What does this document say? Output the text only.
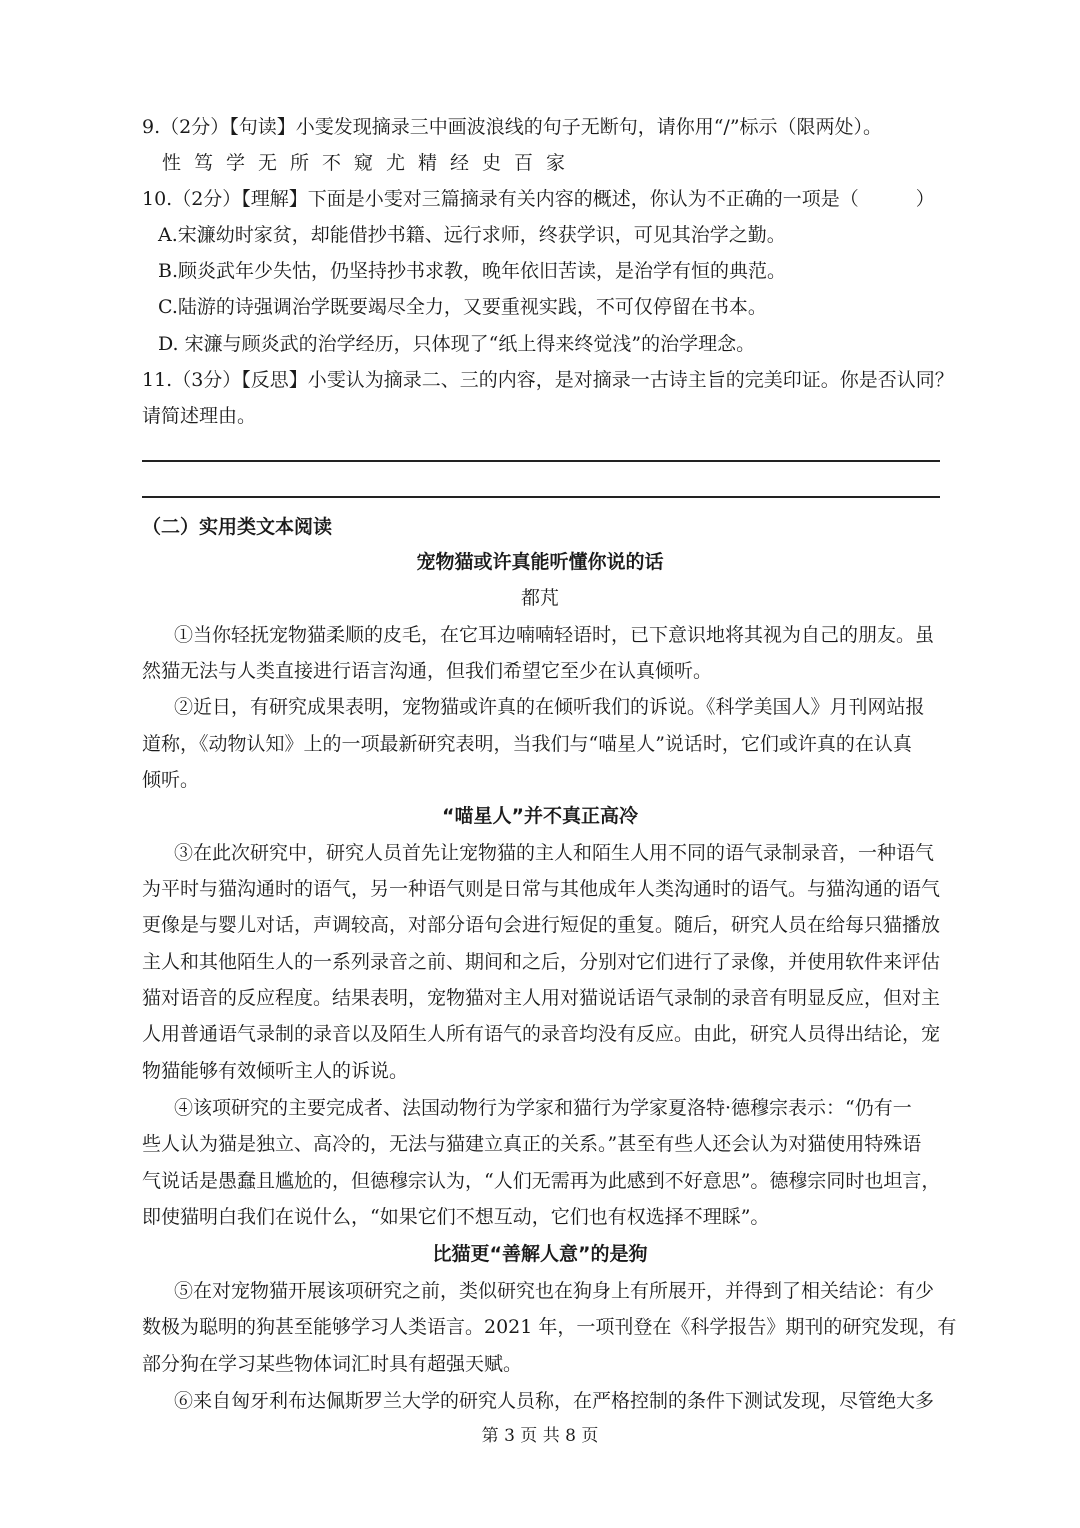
9.（2分）【句读】小雯发现摘录三中画波浪线的句子无断句，请你用“/”标示（限两处）。
性笃学无所不窥尤精经史百家
10.（2分）【理解】下面是小雯对三篇摘录有关内容的概述，你认为不正确的一项是（　　　）
A.宋濂幼时家贫，却能借抄书籍、远行求师，终获学识，可见其治学之勤。
B.顾炎武年少失怙，仍坚持抄书求教，晚年依旧苦读，是治学有恒的典范。
C.陆游的诗强调治学既要竭尽全力，又要重视实践，不可仅停留在书本。
D. 宋濂与顾炎武的治学经历，只体现了“纸上得来终觉浅”的治学理念。
11.（3分）【反思】小雯认为摘录二、三的内容，是对摘录一古诗主旨的完美印证。你是否认同？
请简述理由。
（二）实用类文本阅读
宠物猫或许真能听懂你说的话
都芃
①当你轻抚宠物猫柔顺的皮毛，在它耳边喃喃轻语时，已下意识地将其视为自己的朋友。虽
然猫无法与人类直接进行语言沟通，但我们希望它至少在认真倾听。
②近日，有研究成果表明，宠物猫或许真的在倾听我们的诉说。《科学美国人》月刊网站报
道称，《动物认知》上的一项最新研究表明，当我们与“喵星人”说话时，它们或许真的在认真
倾听。
“喵星人”并不真正高冷
③在此次研究中，研究人员首先让宠物猫的主人和陌生人用不同的语气录制录音，一种语气
为平时与猫沟通时的语气，另一种语气则是日常与其他成年人类沟通时的语气。与猫沟通的语气
更像是与婴儿对话，声调较高，对部分语句会进行短促的重复。随后，研究人员在给每只猫播放
主人和其他陌生人的一系列录音之前、期间和之后，分别对它们进行了录像，并使用软件来评估
猫对语音的反应程度。结果表明，宠物猫对主人用对猫说话语气录制的录音有明显反应，但对主
人用普通语气录制的录音以及陌生人所有语气的录音均没有反应。由此，研究人员得出结论，宠
物猫能够有效倾听主人的诉说。
④该项研究的主要完成者、法国动物行为学家和猫行为学家夏洛特·德穆宗表示：“仍有一
些人认为猫是独立、高冷的，无法与猫建立真正的关系。”甚至有些人还会认为对猫使用特殊语
气说话是愚蠢且尴尬的，但德穆宗认为，“人们无需再为此感到不好意思”。德穆宗同时也坦言，
即使猫明白我们在说什么，“如果它们不想互动，它们也有权选择不理睬”。
比猫更“善解人意”的是狗
⑤在对宠物猫开展该项研究之前，类似研究也在狗身上有所展开，并得到了相关结论：有少
数极为聪明的狗甚至能够学习人类语言。2021 年，一项刊登在《科学报告》期刊的研究发现，有
部分狗在学习某些物体词汇时具有超强天赋。
⑥来自匈牙利布达佩斯罗兰大学的研究人员称，在严格控制的条件下测试发现，尽管绝大多
第 3 页 共 8 页
